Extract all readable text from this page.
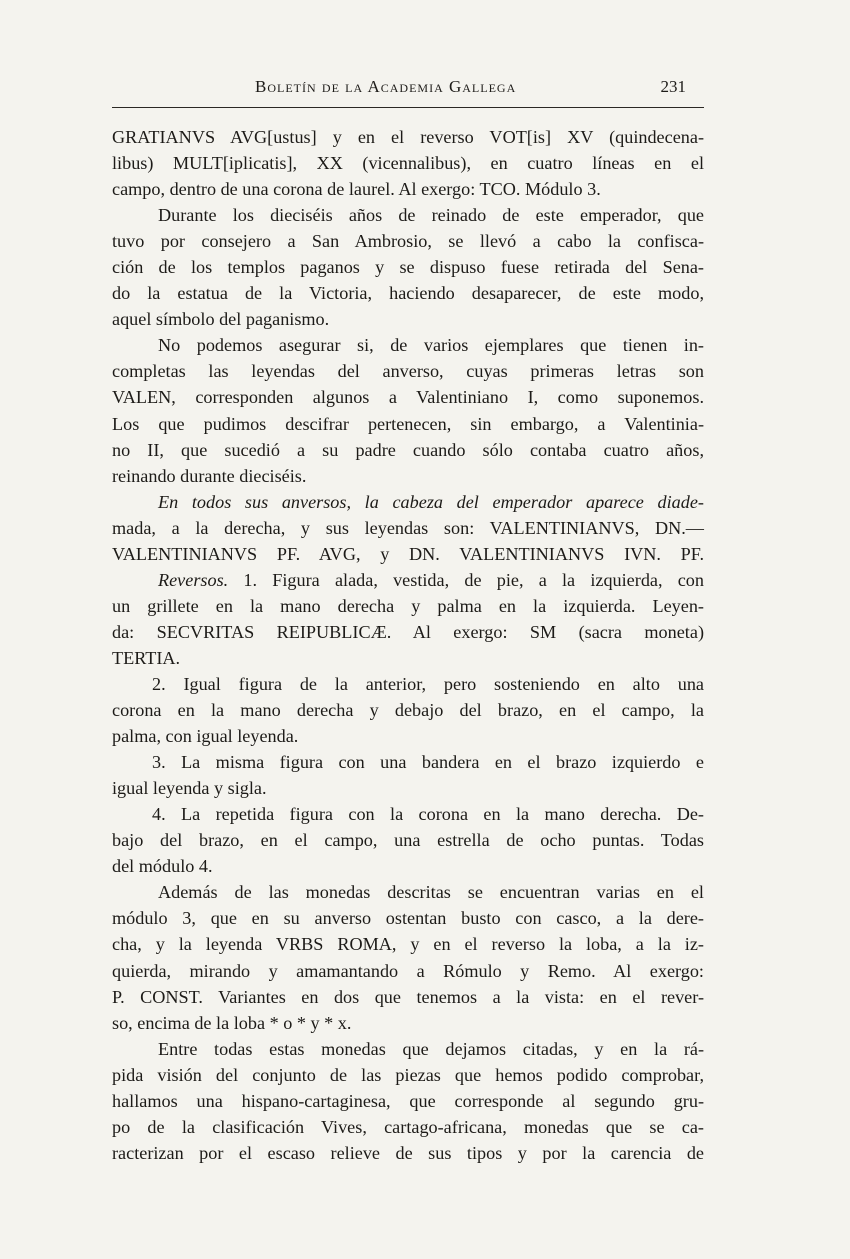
Boletín de la Academia Gallega	231
GRATIANVS AVG[ustus] y en el reverso VOT[is] XV (quindecena-
libus) MULT[iplicatis], XX (vicennalibus), en cuatro líneas en el
campo, dentro de una corona de laurel. Al exergo: TCO. Módulo 3.
Durante los dieciséis años de reinado de este emperador, que
tuvo por consejero a San Ambrosio, se llevó a cabo la confisca-
ción de los templos paganos y se dispuso fuese retirada del Sena-
do la estatua de la Victoria, haciendo desaparecer, de este modo,
aquel símbolo del paganismo.
No podemos asegurar si, de varios ejemplares que tienen in-
completas las leyendas del anverso, cuyas primeras letras son
VALEN, corresponden algunos a Valentiniano I, como suponemos.
Los que pudimos descifrar pertenecen, sin embargo, a Valentinia-
no II, que sucedió a su padre cuando sólo contaba cuatro años,
reinando durante dieciséis.
En todos sus anversos, la cabeza del emperador aparece diade-
mada, a la derecha, y sus leyendas son: VALENTINIANVS, DN.—
VALENTINIANVS PF. AVG, y DN. VALENTINIANVS IVN. PF.
Reversos. 1. Figura alada, vestida, de pie, a la izquierda, con
un grillete en la mano derecha y palma en la izquierda. Leyen-
da: SECVRITAS REIPUBLICÆ. Al exergo: SM (sacra moneta)
TERTIA.
2. Igual figura de la anterior, pero sosteniendo en alto una
corona en la mano derecha y debajo del brazo, en el campo, la
palma, con igual leyenda.
3. La misma figura con una bandera en el brazo izquierdo e
igual leyenda y sigla.
4. La repetida figura con la corona en la mano derecha. De-
bajo del brazo, en el campo, una estrella de ocho puntas. Todas
del módulo 4.
Además de las monedas descritas se encuentran varias en el
módulo 3, que en su anverso ostentan busto con casco, a la dere-
cha, y la leyenda VRBS ROMA, y en el reverso la loba, a la iz-
quierda, mirando y amamantando a Rómulo y Remo. Al exergo:
P. CONST. Variantes en dos que tenemos a la vista: en el rever-
so, encima de la loba * o * y * x.
Entre todas estas monedas que dejamos citadas, y en la rá-
pida visión del conjunto de las piezas que hemos podido comprobar,
hallamos una hispano-cartaginesa, que corresponde al segundo gru-
po de la clasificación Vives, cartago-africana, monedas que se ca-
racterizan por el escaso relieve de sus tipos y por la carencia de
